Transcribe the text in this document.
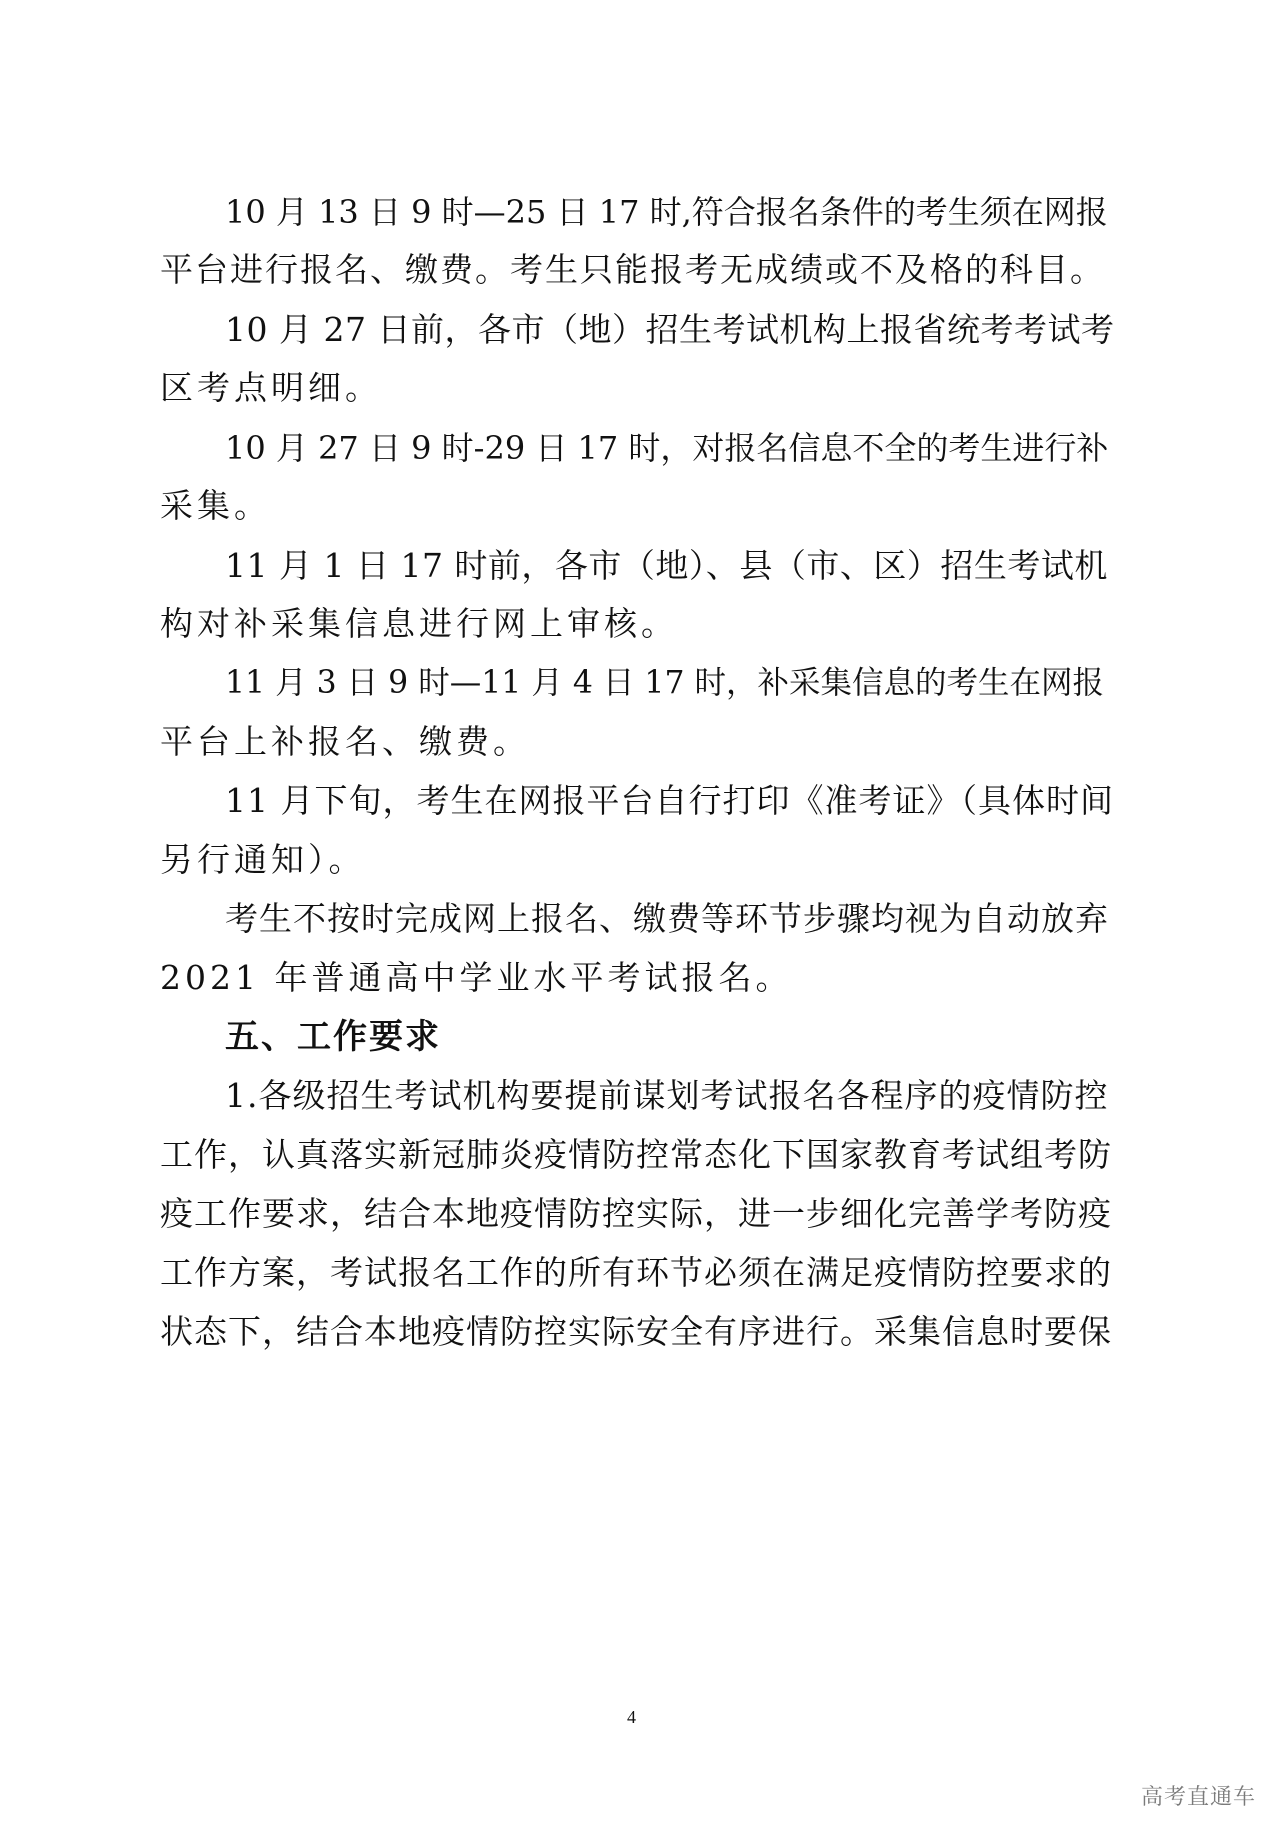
10 月 13 日 9 时—25 日 17 时,符合报名条件的考生须在网报
平台进行报名、缴费。考生只能报考无成绩或不及格的科目。
10 月 27 日前，各市（地）招生考试机构上报省统考考试考
区考点明细。
10 月 27 日 9 时-29 日 17 时，对报名信息不全的考生进行补
采集。
11 月 1 日 17 时前，各市（地）、县（市、区）招生考试机
构对补采集信息进行网上审核。
11 月 3 日 9 时—11 月 4 日 17 时，补采集信息的考生在网报
平台上补报名、缴费。
11 月下旬，考生在网报平台自行打印《准考证》（具体时间
另行通知）。
考生不按时完成网上报名、缴费等环节步骤均视为自动放弃
2021 年普通高中学业水平考试报名。
五、工作要求
1.各级招生考试机构要提前谋划考试报名各程序的疫情防控
工作，认真落实新冠肺炎疫情防控常态化下国家教育考试组考防
疫工作要求，结合本地疫情防控实际，进一步细化完善学考防疫
工作方案，考试报名工作的所有环节必须在满足疫情防控要求的
状态下，结合本地疫情防控实际安全有序进行。采集信息时要保
4
高考直通车
